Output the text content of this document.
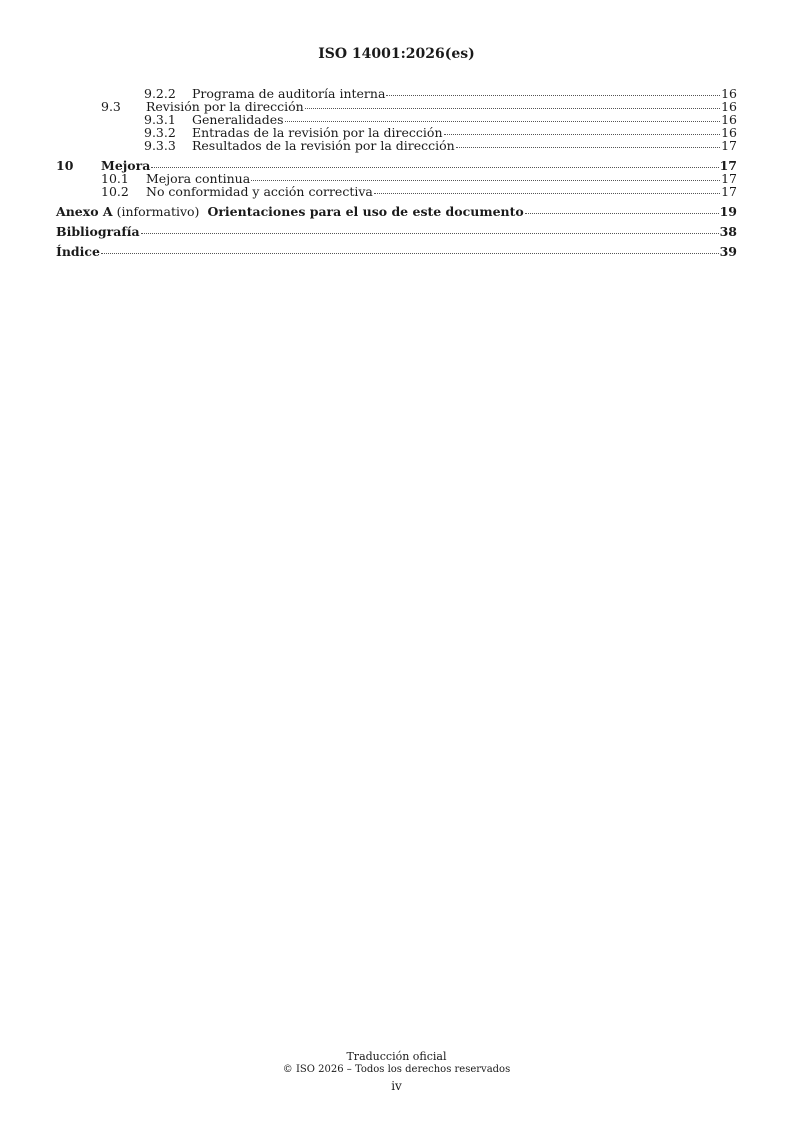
ISO 14001:2026(es)
9.2.2	Programa de auditoría interna	16
9.3	Revisión por la dirección	16
9.3.1	Generalidades	16
9.3.2	Entradas de la revisión por la dirección	16
9.3.3	Resultados de la revisión por la dirección	17
10	Mejora	17
10.1	Mejora continua	17
10.2	No conformidad y acción correctiva	17
Anexo A (informativo) Orientaciones para el uso de este documento	19
Bibliografía	38
Índice	39
Traducción oficial
© ISO 2026 – Todos los derechos reservados
iv
